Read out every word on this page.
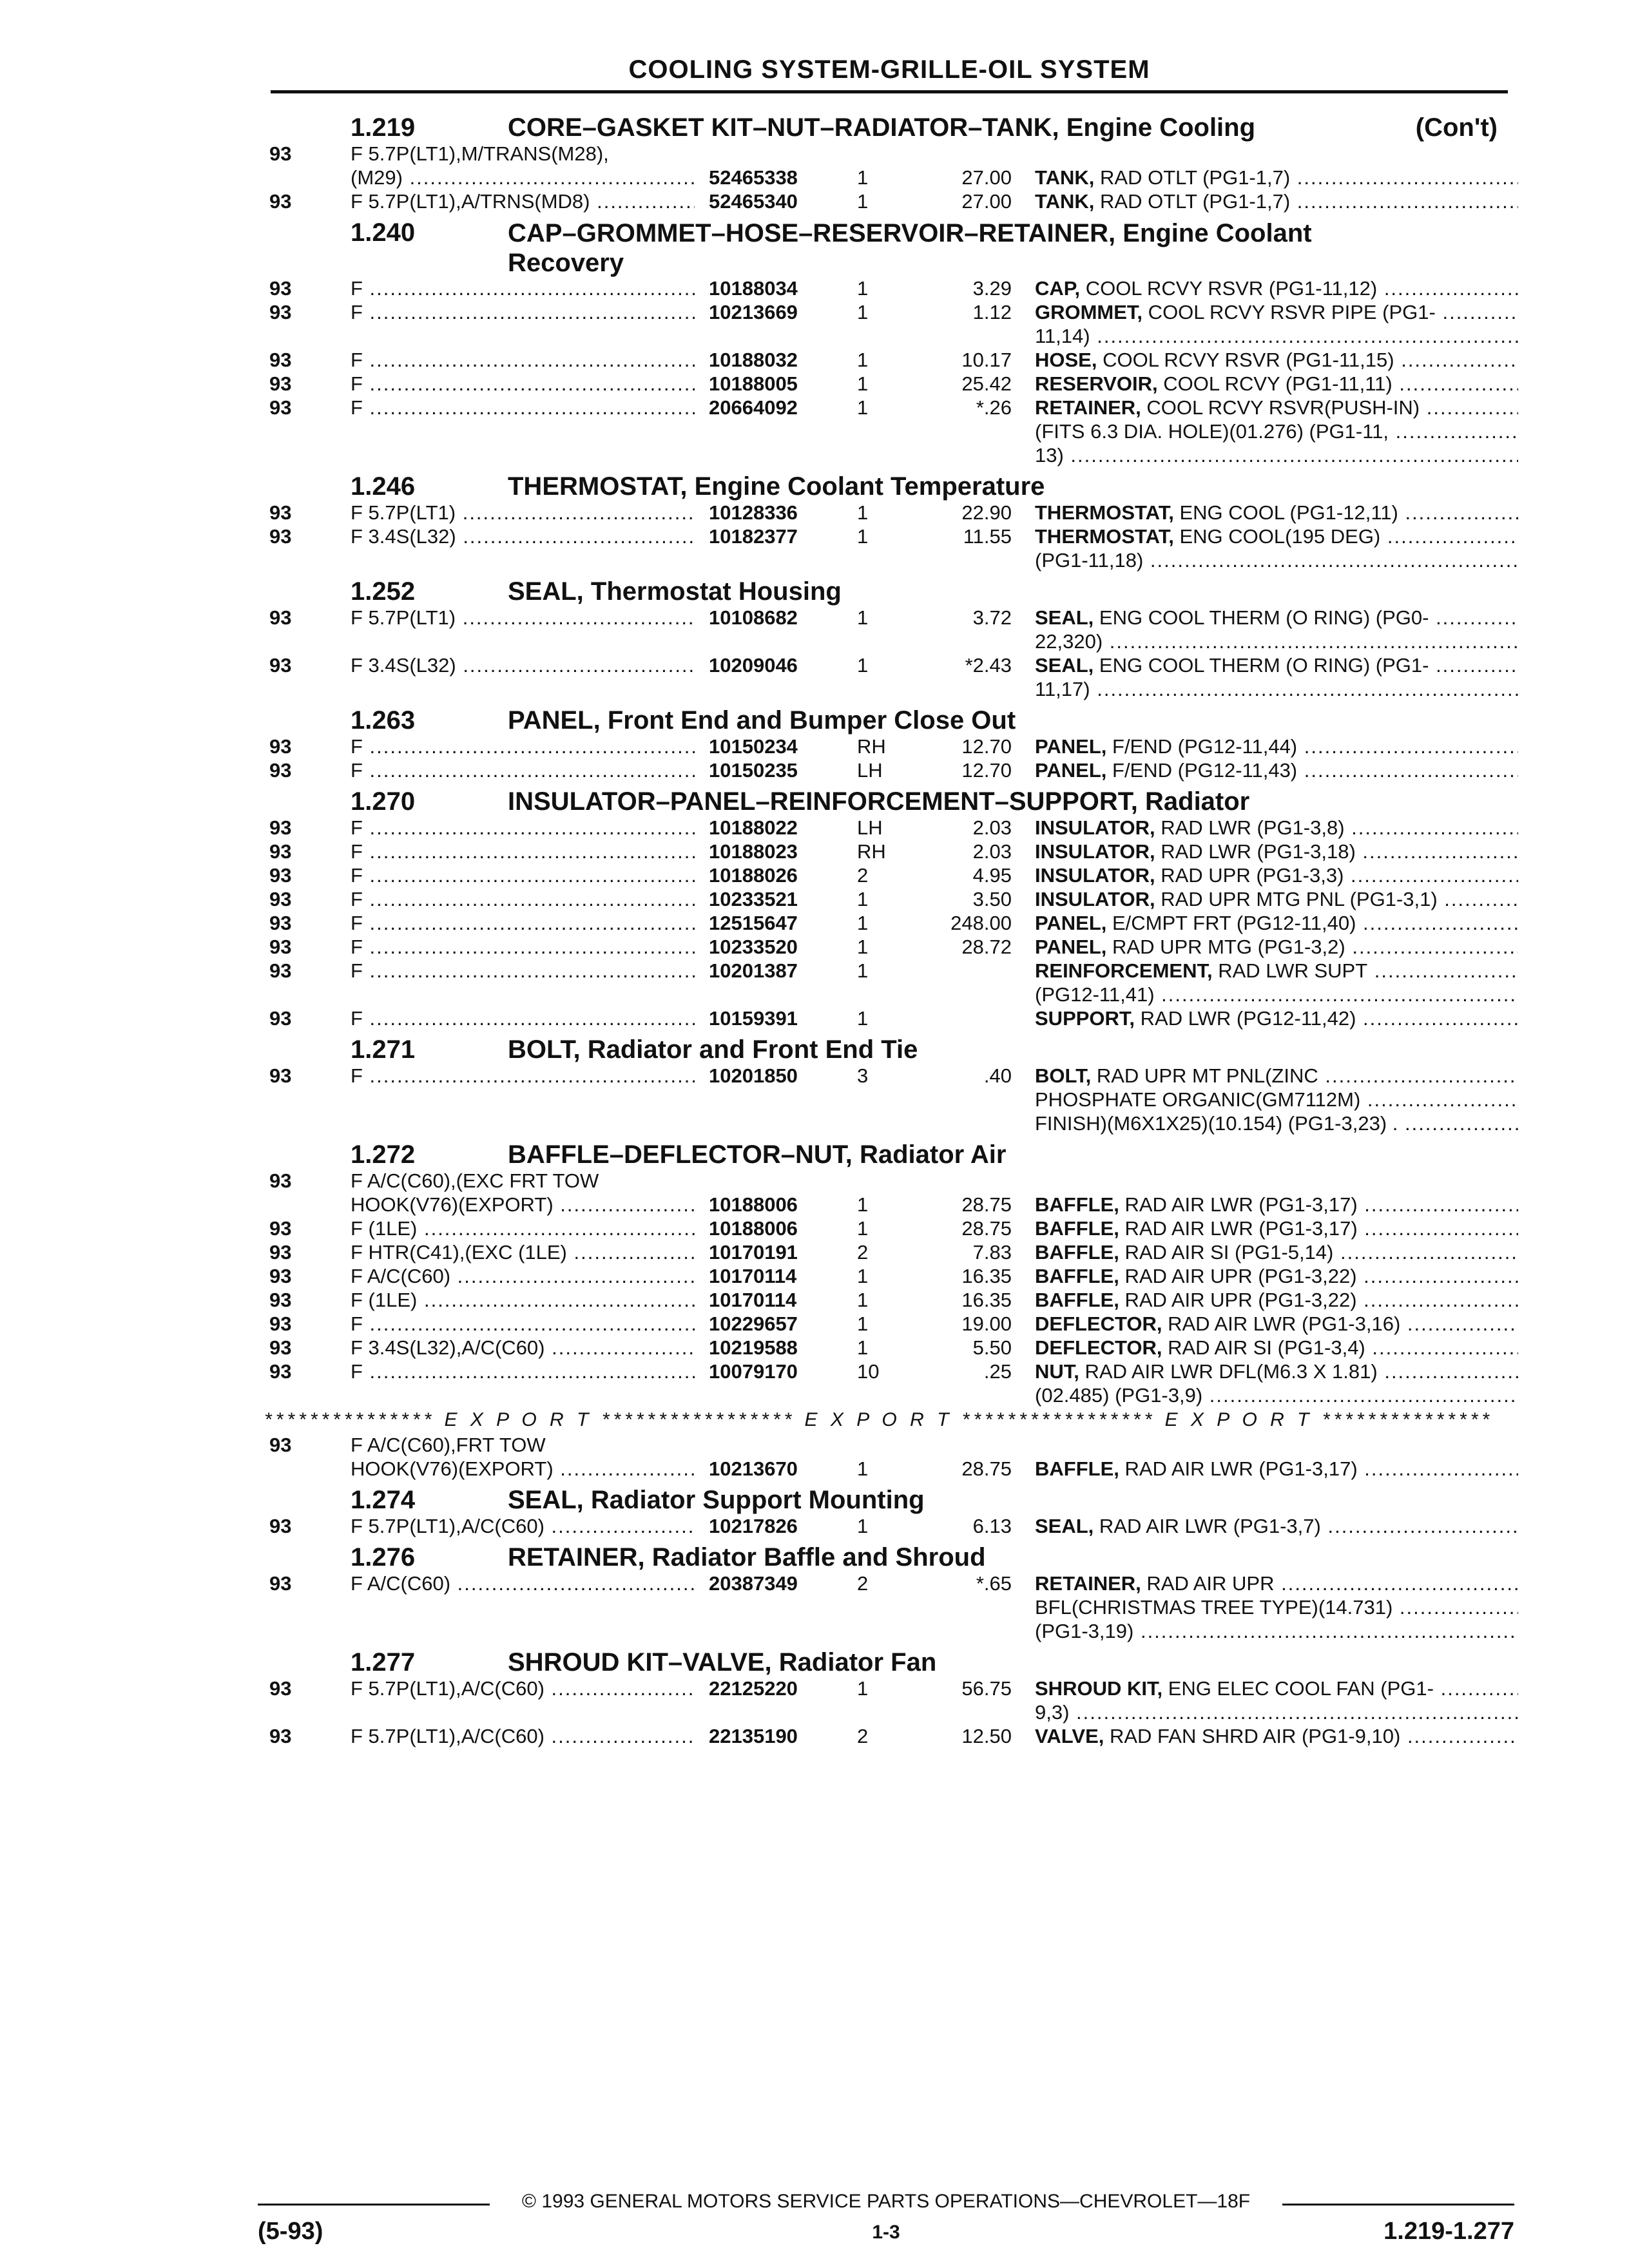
COOLING SYSTEM-GRILLE-OIL SYSTEM
1.219	CORE–GASKET KIT–NUT–RADIATOR–TANK, Engine Cooling	(Con't)
93	F 5.7P(LT1),M/TRANS(M28),
(M29) .....	52465338	1	27.00 TANK, RAD OTLT (PG1-1,7) .....
93	F 5.7P(LT1),A/TRNS(MD8) .....	52465340	1	27.00 TANK, RAD OTLT (PG1-1,7) .....
1.240	CAP–GROMMET–HOSE–RESERVOIR–RETAINER, Engine Coolant Recovery
93	F .....	10188034	1	3.29 CAP, COOL RCVY RSVR (PG1-11,12) .....
93	F .....	10213669	1	1.12 GROMMET, COOL RCVY RSVR PIPE (PG1- .....
11,14) .....
93	F .....	10188032	1	10.17 HOSE, COOL RCVY RSVR (PG1-11,15) .....
93	F .....	10188005	1	25.42 RESERVOIR, COOL RCVY (PG1-11,11) .....
93	F .....	20664092	1	*.26 RETAINER, COOL RCVY RSVR(PUSH-IN) .....
(FITS 6.3 DIA. HOLE)(01.276) (PG1-11, .....
13) .....
1.246	THERMOSTAT, Engine Coolant Temperature
93	F 5.7P(LT1) .....	10128336	1	22.90 THERMOSTAT, ENG COOL (PG1-12,11) .....
93	F 3.4S(L32) .....	10182377	1	11.55 THERMOSTAT, ENG COOL(195 DEG) .....
(PG1-11,18) .....
1.252	SEAL, Thermostat Housing
93	F 5.7P(LT1) .....	10108682	1	3.72 SEAL, ENG COOL THERM (O RING) (PG0- .....
22,320) .....
93	F 3.4S(L32) .....	10209046	1	*2.43 SEAL, ENG COOL THERM (O RING) (PG1- .....
11,17) .....
1.263	PANEL, Front End and Bumper Close Out
93	F .....	10150234	RH	12.70 PANEL, F/END (PG12-11,44) .....
93	F .....	10150235	LH	12.70 PANEL, F/END (PG12-11,43) .....
1.270	INSULATOR–PANEL–REINFORCEMENT–SUPPORT, Radiator
93	F .....	10188022	LH	2.03 INSULATOR, RAD LWR (PG1-3,8) .....
93	F .....	10188023	RH	2.03 INSULATOR, RAD LWR (PG1-3,18) .....
93	F .....	10188026	2	4.95 INSULATOR, RAD UPR (PG1-3,3) .....
93	F .....	10233521	1	3.50 INSULATOR, RAD UPR MTG PNL (PG1-3,1) .....
93	F .....	12515647	1	248.00 PANEL, E/CMPT FRT (PG12-11,40) .....
93	F .....	10233520	1	28.72 PANEL, RAD UPR MTG (PG1-3,2) .....
93	F .....	10201387	1	REINFORCEMENT, RAD LWR SUPT .....
(PG12-11,41) .....
93	F .....	10159391	1	SUPPORT, RAD LWR (PG12-11,42) .....
1.271	BOLT, Radiator and Front End Tie
93	F .....	10201850	3	.40 BOLT, RAD UPR MT PNL(ZINC .....
PHOSPHATE ORGANIC(GM7112M) .....
FINISH)(M6X1X25)(10.154) (PG1-3,23) . .....
1.272	BAFFLE–DEFLECTOR–NUT, Radiator Air
93	F A/C(C60),(EXC FRT TOW
HOOK(V76)(EXPORT) .....	10188006	1	28.75 BAFFLE, RAD AIR LWR (PG1-3,17) .....
93	F (1LE) .....	10188006	1	28.75 BAFFLE, RAD AIR LWR (PG1-3,17) .....
93	F HTR(C41),(EXC (1LE) .....	10170191	2	7.83 BAFFLE, RAD AIR SI (PG1-5,14) .....
93	F A/C(C60) .....	10170114	1	16.35 BAFFLE, RAD AIR UPR (PG1-3,22) .....
93	F (1LE) .....	10170114	1	16.35 BAFFLE, RAD AIR UPR (PG1-3,22) .....
93	F .....	10229657	1	19.00 DEFLECTOR, RAD AIR LWR (PG1-3,16) .....
93	F 3.4S(L32),A/C(C60) .....	10219588	1	5.50 DEFLECTOR, RAD AIR SI (PG1-3,4) .....
93	F .....	10079170	10	.25 NUT, RAD AIR LWR DFL(M6.3 X 1.81) .....
(02.485) (PG1-3,9) .....
*************** E X P O R T ***************** E X P O R T ***************** E X P O R T ***************
93	F A/C(C60),FRT TOW
HOOK(V76)(EXPORT) .....	10213670	1	28.75 BAFFLE, RAD AIR LWR (PG1-3,17) .....
1.274	SEAL, Radiator Support Mounting
93	F 5.7P(LT1),A/C(C60) .....	10217826	1	6.13 SEAL, RAD AIR LWR (PG1-3,7) .....
1.276	RETAINER, Radiator Baffle and Shroud
93	F A/C(C60) .....	20387349	2	*.65 RETAINER, RAD AIR UPR .....
BFL(CHRISTMAS TREE TYPE)(14.731) .....
(PG1-3,19) .....
1.277	SHROUD KIT–VALVE, Radiator Fan
93	F 5.7P(LT1),A/C(C60) .....	22125220	1	56.75 SHROUD KIT, ENG ELEC COOL FAN (PG1- .....
9,3) .....
93	F 5.7P(LT1),A/C(C60) .....	22135190	2	12.50 VALVE, RAD FAN SHRD AIR (PG1-9,10) .....
© 1993 GENERAL MOTORS SERVICE PARTS OPERATIONS—CHEVROLET—18F
(5-93)	1-3	1.219-1.277
